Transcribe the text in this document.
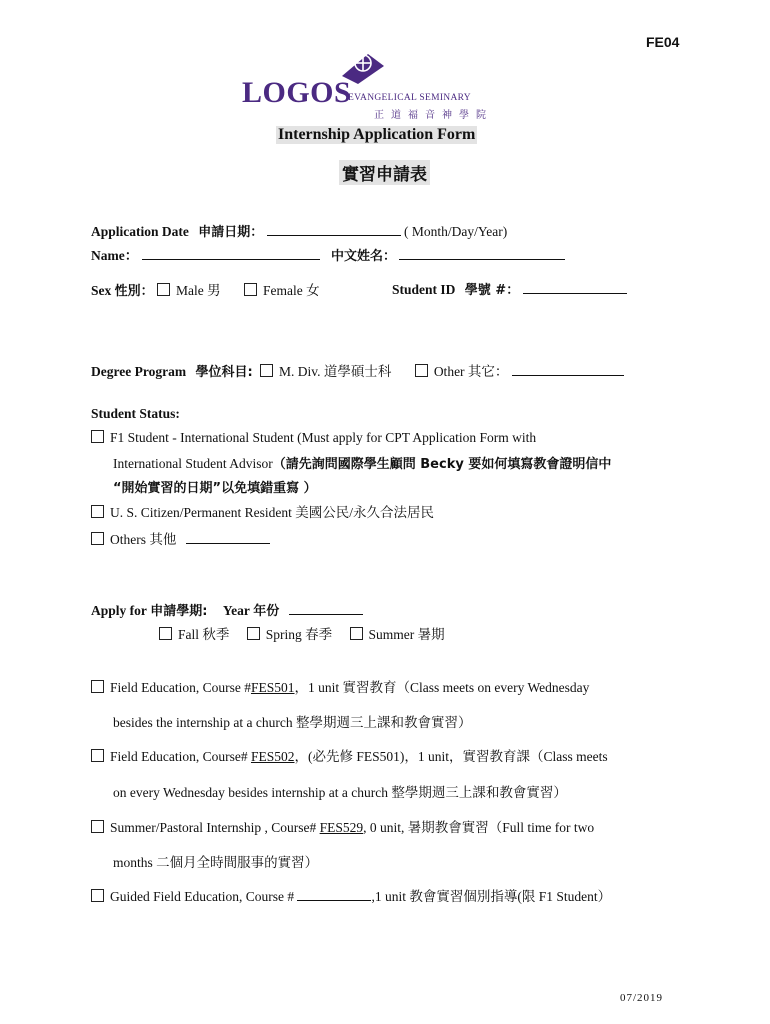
FE04
LOGOS
EVANGELICAL SEMINARY
正道福音神學院
Internship Application Form
實習申請表
Application Date 申請日期：	( Month/Day/Year)
Name：	中文姓名：
Sex 性別： Male 男	Female 女	Student ID 學號 #：
Degree Program 學位科目: M. Div. 道學碩士科	Other 其它：
Student Status:
F1 Student - International Student (Must apply for CPT Application Form with
International Student Advisor（請先詢問國際學生顧問 Becky 要如何填寫教會證明信中
“開始實習的日期”以免填錯重寫 ）
U. S. Citizen/Permanent Resident 美國公民/永久合法居民
Others 其他
Apply for 申請學期: Year 年份
Fall 秋季	Spring 春季	Summer 暑期
Field Education, Course #FES501，1 unit 實習教育（Class meets on every Wednesday
besides the internship at a church 整學期週三上課和教會實習）
Field Education, Course# FES502，(必先修 FES501)，1 unit，實習教育課（Class meets
on every Wednesday besides internship at a church 整學期週三上課和教會實習）
Summer/Pastoral Internship , Course# FES529, 0 unit, 暑期教會實習（Full time for two
months 二個月全時間服事的實習）
Guided Field Education, Course #	,1 unit 教會實習個別指導(限 F1 Student）
07/2019
